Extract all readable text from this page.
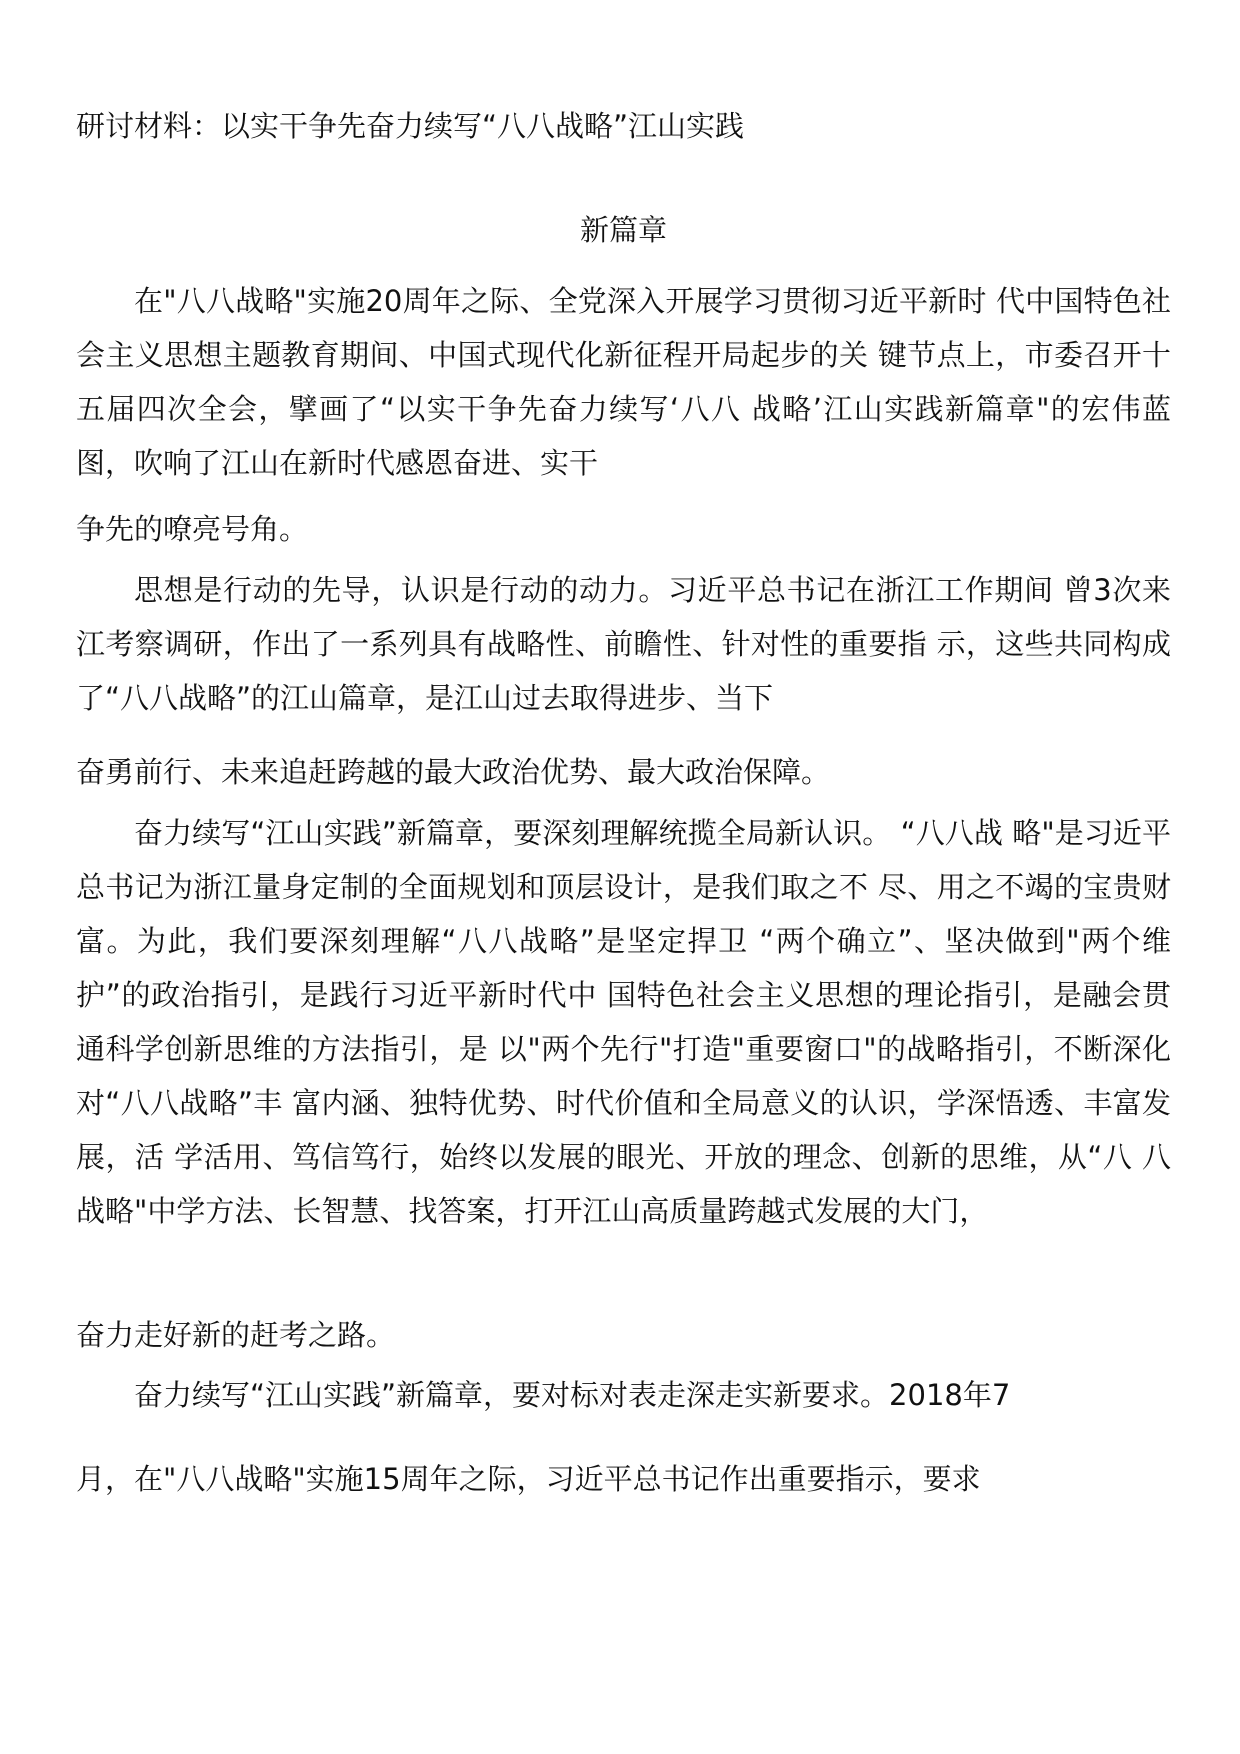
研讨材料：以实干争先奋力续写“八八战略”江山实践
新篇章

在"八八战略"实施20周年之际、全党深入开展学习贯彻习近平新时 代中国特色社会主义思想主题教育期间、中国式现代化新征程开局起步的关 键节点上，市委召开十五届四次全会，擘画了“以实干争先奋力续写‘八八 战略’江山实践新篇章"的宏伟蓝图，吹响了江山在新时代感恩奋进、实干

争先的嘹亮号角。

思想是行动的先导，认识是行动的动力。习近平总书记在浙江工作期间 曾3次来江考察调研，作出了一系列具有战略性、前瞻性、针对性的重要指 示，这些共同构成了“八八战略”的江山篇章，是江山过去取得进步、当下

奋勇前行、未来追赶跨越的最大政治优势、最大政治保障。

奋力续写“江山实践”新篇章，要深刻理解统揽全局新认识。 “八八战 略"是习近平总书记为浙江量身定制的全面规划和顶层设计，是我们取之不 尽、用之不竭的宝贵财富。为此，我们要深刻理解“八八战略”是坚定捍卫 “两个确立”、坚决做到"两个维护”的政治指引，是践行习近平新时代中 国特色社会主义思想的理论指引，是融会贯通科学创新思维的方法指引，是 以"两个先行"打造"重要窗口"的战略指引，不断深化对“八八战略”丰 富内涵、独特优势、时代价值和全局意义的认识，学深悟透、丰富发展，活 学活用、笃信笃行，始终以发展的眼光、开放的理念、创新的思维，从“八 八战略"中学方法、长智慧、找答案，打开江山高质量跨越式发展的大门，

奋力走好新的赶考之路。

奋力续写“江山实践”新篇章，要对标对表走深走实新要求。2018年7

月，在"八八战略"实施15周年之际，习近平总书记作出重要指示，要求
